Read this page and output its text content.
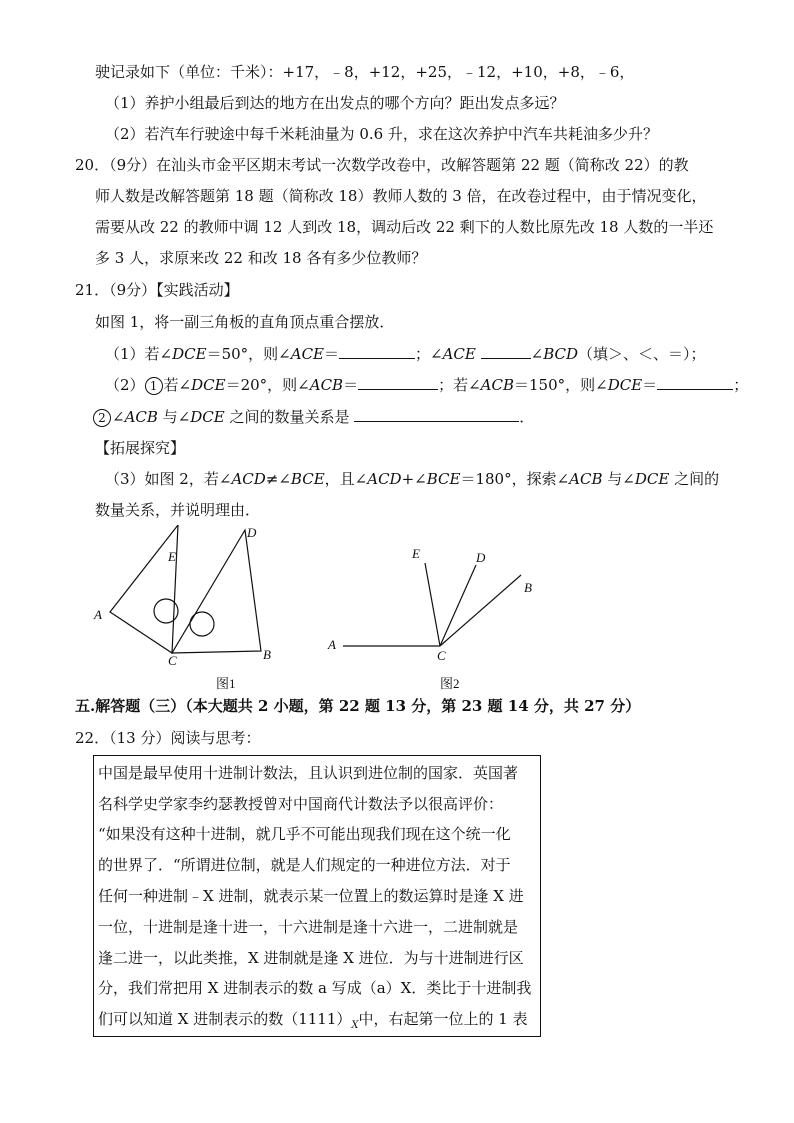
驶记录如下（单位：千米）：+17，﹣8，+12，+25，﹣12，+10，+8，﹣6，
（1）养护小组最后到达的地方在出发点的哪个方向？距出发点多远？
（2）若汽车行驶途中每千米耗油量为 0.6 升，求在这次养护中汽车共耗油多少升？
20．（9分）在汕头市金平区期末考试一次数学改卷中，改解答题第 22 题（简称改 22）的教
师人数是改解答题第 18 题（简称改 18）教师人数的 3 倍，在改卷过程中，由于情况变化，
需要从改 22 的教师中调 12 人到改 18，调动后改 22 剩下的人数比原先改 18 人数的一半还
多 3 人，求原来改 22 和改 18 各有多少位教师？
21．（9分）【实践活动】
如图 1，将一副三角板的直角顶点重合摆放．
（1）若∠DCE＝50°，则∠ACE＝	；∠ACE	∠BCD（填＞、＜、＝）；
（2） 1 若∠DCE＝20°，则∠ACB＝	；若∠ACB＝150°，则∠DCE＝	；
2 ∠ACB 与∠DCE 之间的数量关系是	．
【拓展探究】
（3）如图 2，若∠ACD≠∠BCE，且∠ACD+∠BCE＝180°，探索∠ACB 与∠DCE 之间的
数量关系，并说明理由．
A
B
C
D
E
图1
A
B
C
D
E
图2
五.解答题（三）（本大题共 2 小题，第 22 题 13 分，第 23 题 14 分，共 27 分）
22．（13 分）阅读与思考：
中国是最早使用十进制计数法，且认识到进位制的国家．英国著
名科学史学家李约瑟教授曾对中国商代计数法予以很高评价：
“如果没有这种十进制，就几乎不可能出现我们现在这个统一化
的世界了．“所谓进位制，就是人们规定的一种进位方法．对于
任何一种进制﹣X 进制，就表示某一位置上的数运算时是逢 X 进
一位，十进制是逢十进一，十六进制是逢十六进一，二进制就是
逢二进一，以此类推，X 进制就是逢 X 进位．为与十进制进行区
分，我们常把用 X 进制表示的数 a 写成（a）X．类比于十进制我
们可以知道 X 进制表示的数$(1111)_X$中，右起第一位上的 1 表
